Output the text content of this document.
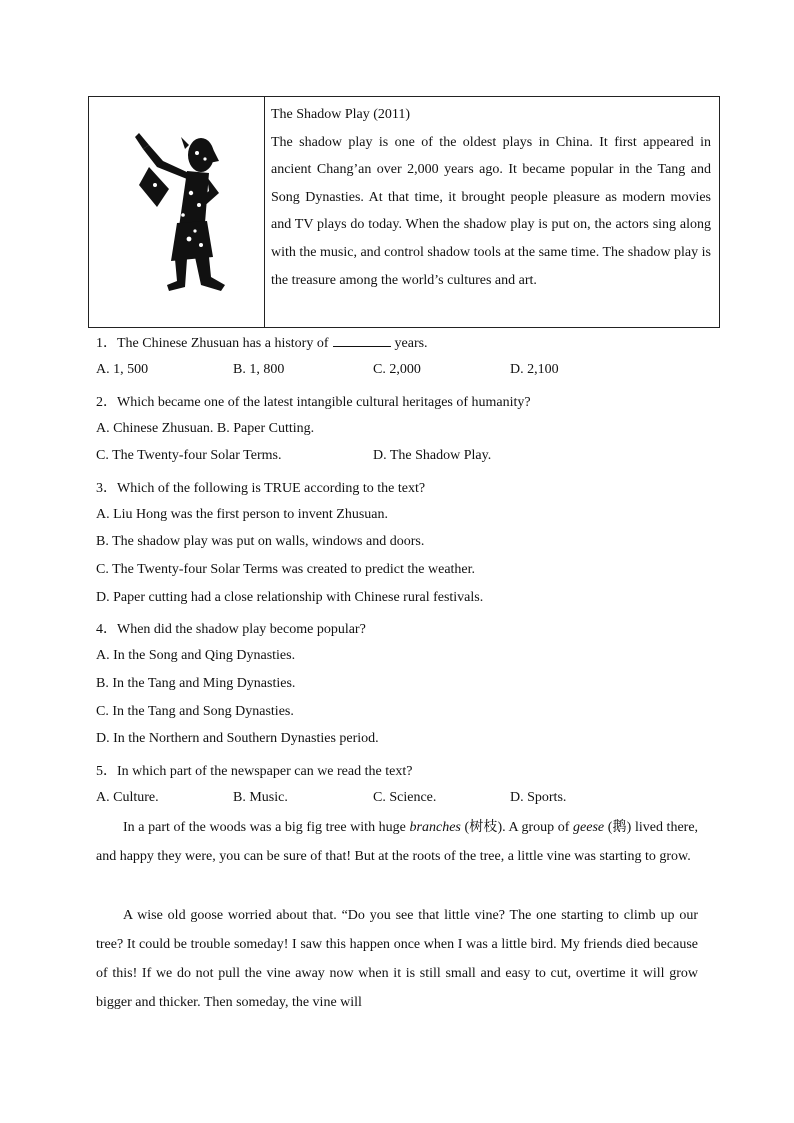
The Shadow Play (2011)
The shadow play is one of the oldest plays in China. It first appeared in ancient Chang’an over 2,000 years ago. It became popular in the Tang and Song Dynasties. At that time, it brought people pleasure as modern movies and TV plays do today. When the shadow play is put on, the actors sing along with the music, and control shadow tools at the same time. The shadow play is the treasure among the world’s cultures and art.
1．The Chinese Zhusuan has a history of	years.
A. 1, 500	B. 1, 800	C. 2,000	D. 2,100
2．Which became one of the latest intangible cultural heritages of humanity?
A. Chinese Zhusuan. B. Paper Cutting.
C. The Twenty-four Solar Terms.	D. The Shadow Play.
3．Which of the following is TRUE according to the text?
A. Liu Hong was the first person to invent Zhusuan.
B. The shadow play was put on walls, windows and doors.
C. The Twenty-four Solar Terms was created to predict the weather.
D. Paper cutting had a close relationship with Chinese rural festivals.
4．When did the shadow play become popular?
A. In the Song and Qing Dynasties.
B. In the Tang and Ming Dynasties.
C. In the Tang and Song Dynasties.
D. In the Northern and Southern Dynasties period.
5．In which part of the newspaper can we read the text?
A. Culture.	B. Music.	C. Science.	D. Sports.
In a part of the woods was a big fig tree with huge branches (树枝). A group of geese (鹅) lived there, and happy they were, you can be sure of that! But at the roots of the tree, a little vine was starting to grow.
A wise old goose worried about that. “Do you see that little vine? The one starting to climb up our tree? It could be trouble someday! I saw this happen once when I was a little bird. My friends died because of this! If we do not pull the vine away now when it is still small and easy to cut, overtime it will grow bigger and thicker. Then someday, the vine will
